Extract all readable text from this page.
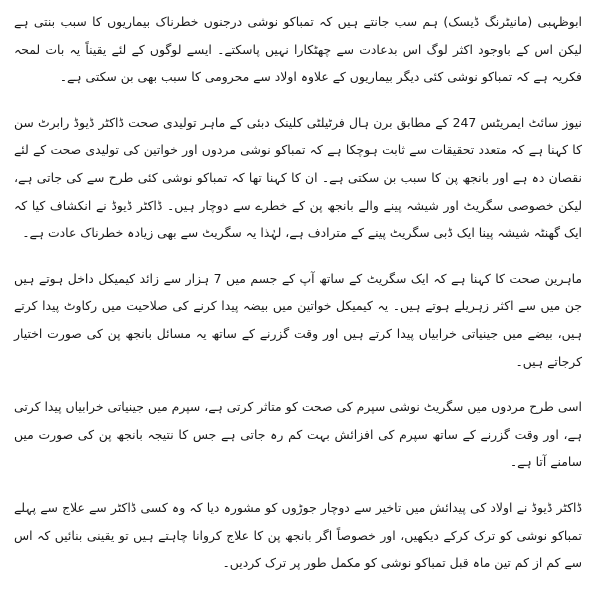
ابوظہبی (مانیٹرنگ ڈیسک) ہم سب جانتے ہیں کہ تمباکو نوشی درجنوں خطرناک بیماریوں کا سبب بنتی ہے لیکن اس کے باوجود اکثر لوگ اس بدعادت سے چھٹکارا نہیں پاسکتے۔ ایسے لوگوں کے لئے یقیناً یہ بات لمحہ فکریہ ہے کہ تمباکو نوشی کئی دیگر بیماریوں کے علاوہ اولاد سے محرومی کا سبب بھی بن سکتی ہے۔

نیوز سائٹ ایمریٹس 247 کے مطابق برن ہال فرٹیلٹی کلینک دبئی کے ماہر تولیدی صحت ڈاکٹر ڈیوڈ رابرٹ سن کا کہنا ہے کہ متعدد تحقیقات سے ثابت ہوچکا ہے کہ تمباکو نوشی مردوں اور خواتین کی تولیدی صحت کے لئے نقصان دہ ہے اور بانجھ پن کا سبب بن سکتی ہے۔ ان کا کہنا تھا کہ تمباکو نوشی کئی طرح سے کی جاتی ہے، لیکن خصوصی سگریٹ اور شیشہ پینے والے بانجھ پن کے خطرے سے دوچار ہیں۔ ڈاکٹر ڈیوڈ نے انکشاف کیا کہ ایک گھنٹہ شیشہ پینا ایک ڈبی سگریٹ پینے کے مترادف ہے، لہٰذا یہ سگریٹ سے بھی زیادہ خطرناک عادت ہے۔

ماہرین صحت کا کہنا ہے کہ ایک سگریٹ کے ساتھ آپ کے جسم میں 7 ہزار سے زائد کیمیکل داخل ہوتے ہیں جن میں سے اکثر زہریلے ہوتے ہیں۔ یہ کیمیکل خواتین میں بیضہ پیدا کرنے کی صلاحیت میں رکاوٹ پیدا کرتے ہیں، بیضے میں جینیاتی خرابیاں پیدا کرتے ہیں اور وقت گزرنے کے ساتھ یہ مسائل بانجھ پن کی صورت اختیار کرجاتے ہیں۔

اسی طرح مردوں میں سگریٹ نوشی سپرم کی صحت کو متاثر کرتی ہے، سپرم میں جینیاتی خرابیاں پیدا کرتی ہے، اور وقت گزرنے کے ساتھ سپرم کی افزائش بہت کم رہ جاتی ہے جس کا نتیجہ بانجھ پن کی صورت میں سامنے آتا ہے۔

ڈاکٹر ڈیوڈ نے اولاد کی پیدائش میں تاخیر سے دوچار جوڑوں کو مشورہ دیا کہ وہ کسی ڈاکٹر سے علاج سے پہلے تمباکو نوشی کو ترک کرکے دیکھیں، اور خصوصاً اگر بانجھ پن کا علاج کروانا چاہتے ہیں تو یقینی بنائیں کہ اس سے کم از کم تین ماہ قبل تمباکو نوشی کو مکمل طور پر ترک کردیں۔
